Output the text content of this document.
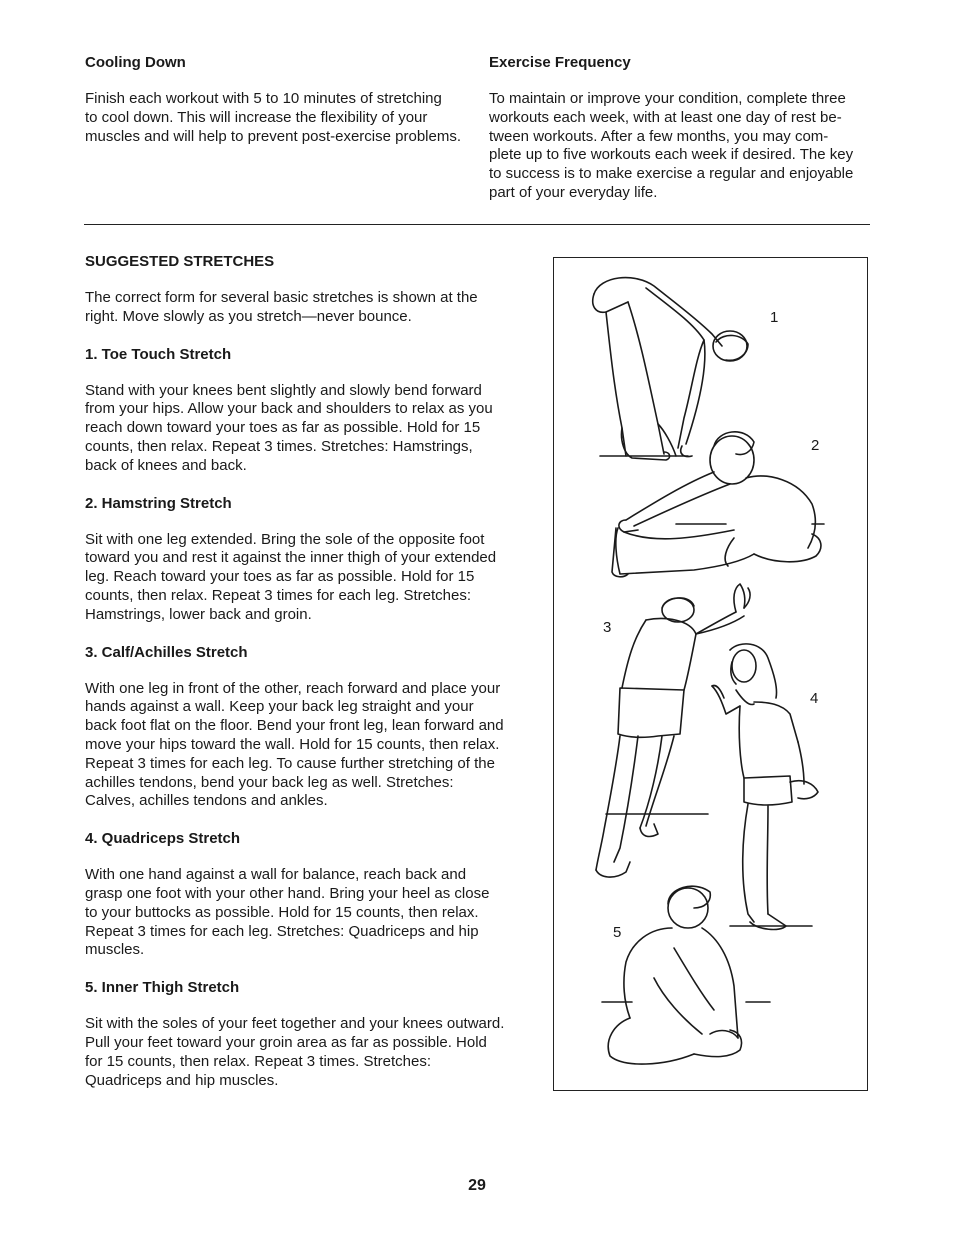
Cooling Down

Finish each workout with 5 to 10 minutes of stretching

to cool down. This will increase the flexibility of your

muscles and will help to prevent post-exercise problems.

Exercise Frequency

To maintain or improve your condition, complete three

workouts each week, with at least one day of rest be-

tween workouts. After a few months, you may com-

plete up to five workouts each week if desired. The key

to success is to make exercise a regular and enjoyable

part of your everyday life.

SUGGESTED STRETCHES

The correct form for several basic stretches is shown at the

right. Move slowly as you stretch—never bounce.

1. Toe Touch Stretch

Stand with your knees bent slightly and slowly bend forward

from your hips. Allow your back and shoulders to relax as you

reach down toward your toes as far as possible. Hold for 15

counts, then relax. Repeat 3 times. Stretches: Hamstrings,

back of knees and back.

2. Hamstring Stretch

Sit with one leg extended. Bring the sole of the opposite foot

toward you and rest it against the inner thigh of your extended

leg. Reach toward your toes as far as possible. Hold for 15

counts, then relax. Repeat 3 times for each leg. Stretches:

Hamstrings, lower back and groin.

3. Calf/Achilles Stretch

With one leg in front of the other, reach forward and place your

hands against a wall. Keep your back leg straight and your

back foot flat on the floor. Bend your front leg, lean forward and

move your hips toward the wall. Hold for 15 counts, then relax.

Repeat 3 times for each leg. To cause further stretching of the

achilles tendons, bend your back leg as well. Stretches:

Calves, achilles tendons and ankles.

4. Quadriceps Stretch

With one hand against a wall for balance, reach back and

grasp one foot with your other hand. Bring your heel as close

to your buttocks as possible. Hold for 15 counts, then relax.

Repeat 3 times for each leg. Stretches: Quadriceps and hip

muscles.

5. Inner Thigh Stretch

Sit with the soles of your feet together and your knees outward.

Pull your feet toward your groin area as far as possible. Hold

for 15 counts, then relax. Repeat 3 times. Stretches:

Quadriceps and hip muscles.

1
2
3
4
5
29
